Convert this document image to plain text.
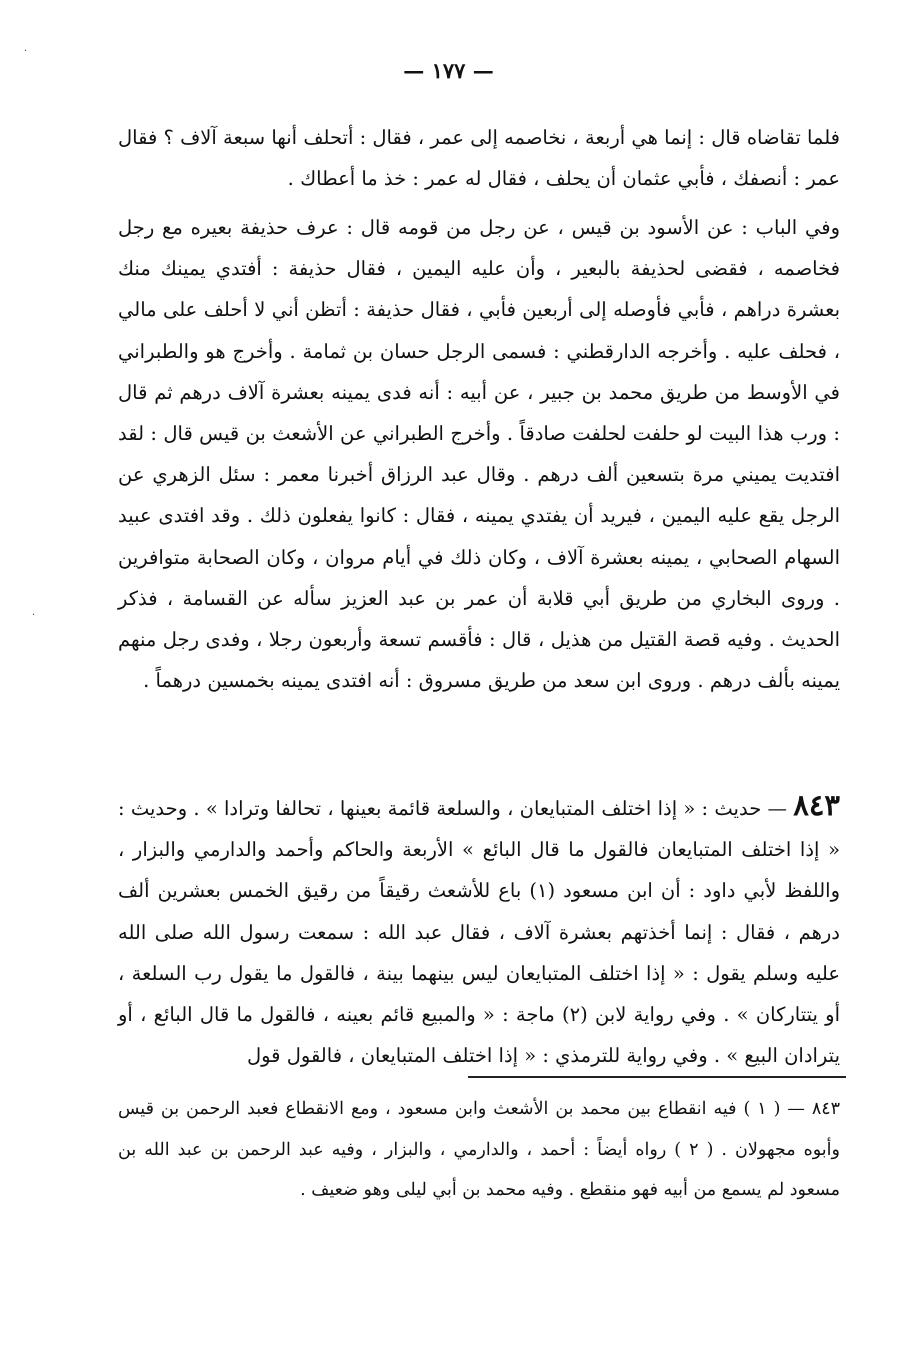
— ١٧٧ —
فلما تقاضاه قال : إنما هي أربعة ، نخاصمه إلى عمر ، فقال : أتحلف أنها سبعة آلاف ؟ فقال عمر : أنصفك ، فأبي عثمان أن يحلف ، فقال له عمر : خذ ما أعطاك .
وفي الباب : عن الأسود بن قيس ، عن رجل من قومه قال : عرف حذيفة بعيره مع رجل فخاصمه ، فقضى لحذيفة بالبعير ، وأن عليه اليمين ، فقال حذيفة : أفتدي يمينك منك بعشرة دراهم ، فأبي فأوصله إلى أربعين فأبي ، فقال حذيفة : أتظن أني لا أحلف على مالي ، فحلف عليه . وأخرجه الدارقطني : فسمى الرجل حسان بن ثمامة . وأخرج هو والطبراني في الأوسط من طريق محمد بن جبير ، عن أبيه : أنه فدى يمينه بعشرة آلاف درهم ثم قال : ورب هذا البيت لو حلفت لحلفت صادقاً . وأخرج الطبراني عن الأشعث بن قيس قال : لقد افتديت يميني مرة بتسعين ألف درهم . وقال عبد الرزاق أخبرنا معمر : سئل الزهري عن الرجل يقع عليه اليمين ، فيريد أن يفتدي يمينه ، فقال : كانوا يفعلون ذلك . وقد افتدى عبيد السهام الصحابي ، يمينه بعشرة آلاف ، وكان ذلك في أيام مروان ، وكان الصحابة متوافرين . وروى البخاري من طريق أبي قلابة أن عمر بن عبد العزيز سأله عن القسامة ، فذكر الحديث . وفيه قصة القتيل من هذيل ، قال : فأقسم تسعة وأربعون رجلا ، وفدى رجل منهم يمينه بألف درهم . وروى ابن سعد من طريق مسروق : أنه افتدى يمينه بخمسين درهماً .
٨٤٣ — حديث : « إذا اختلف المتبايعان ، والسلعة قائمة بعينها ، تحالفا وترادا » . وحديث : « إذا اختلف المتبايعان فالقول ما قال البائع » الأربعة والحاكم وأحمد والدارمي والبزار ، واللفظ لأبي داود : أن ابن مسعود (١) باع للأشعث رقيقاً من رقيق الخمس بعشرين ألف درهم ، فقال : إنما أخذتهم بعشرة آلاف ، فقال عبد الله : سمعت رسول الله صلى الله عليه وسلم يقول : « إذا اختلف المتبايعان ليس بينهما بينة ، فالقول ما يقول رب السلعة ، أو يتتاركان » . وفي رواية لابن (٢) ماجة : « والمبيع قائم بعينه ، فالقول ما قال البائع ، أو يترادان البيع » . وفي رواية للترمذي : « إذا اختلف المتبايعان ، فالقول قول
٨٤٣ — ( ١ ) فيه انقطاع بين محمد بن الأشعث وابن مسعود ، ومع الانقطاع فعبد الرحمن بن قيس وأبوه مجهولان . ( ٢ ) رواه أيضاً : أحمد ، والدارمي ، والبزار ، وفيه عبد الرحمن بن عبد الله بن مسعود لم يسمع من أبيه فهو منقطع . وفيه محمد بن أبي ليلى وهو ضعيف .
·
·
